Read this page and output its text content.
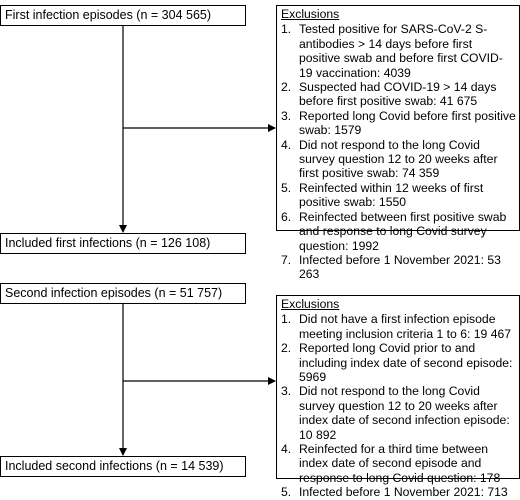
First infection episodes (n = 304 565)	Exclusions
1. Tested positive for SARS-CoV-2 S-antibodies > 14 days before first positive swab and before first COVID-19 vaccination: 4039
2. Suspected had COVID-19 > 14 days before first positive swab: 41 675
3. Reported long Covid before first positive swab: 1579
4. Did not respond to the long Covid survey question 12 to 20 weeks after first positive swab: 74 359
5. Reinfected within 12 weeks of first positive swab: 1550
6. Reinfected between first positive swab and response to long Covid survey question: 1992
7. Infected before 1 November 2021: 53 263
Included first infections (n = 126 108)
Second infection episodes (n = 51 757)
Exclusions
1. Did not have a first infection episode meeting inclusion criteria 1 to 6: 19 467
2. Reported long Covid prior to and including index date of second episode: 5969
3. Did not respond to the long Covid survey question 12 to 20 weeks after index date of second infection episode: 10 892
4. Reinfected for a third time between index date of second episode and response to long Covid question: 178
5. Infected before 1 November 2021: 713
Included second infections (n = 14 539)
